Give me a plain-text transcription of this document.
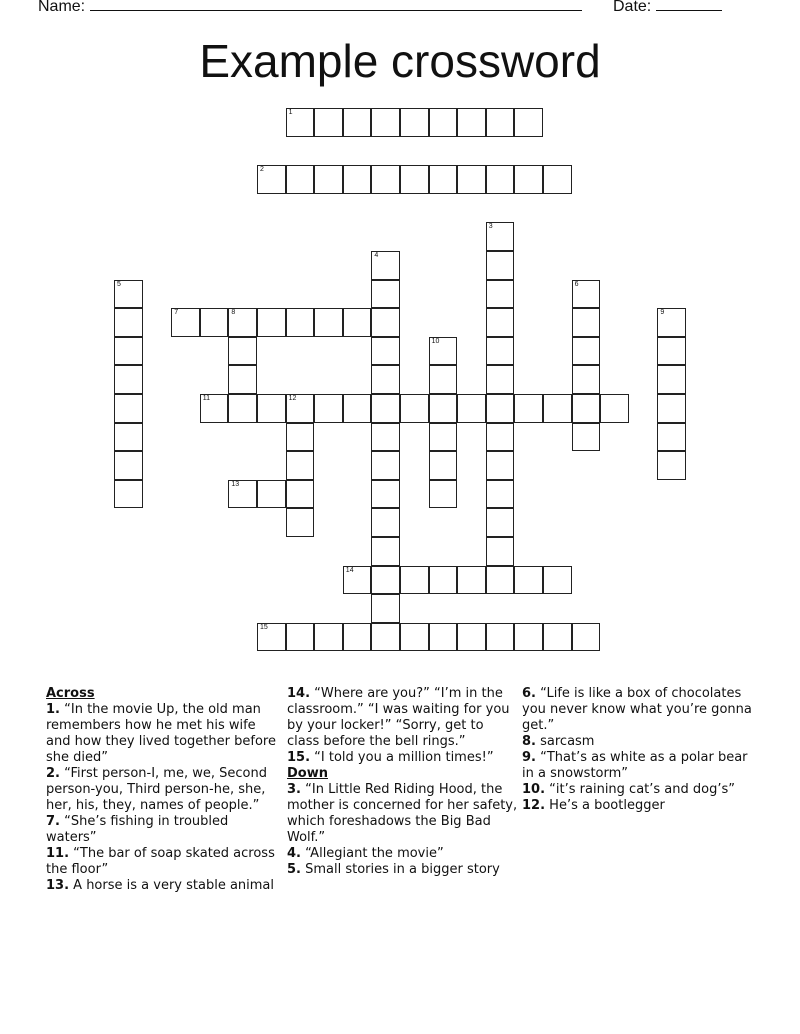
Name:	Date:
Example crossword
1
2
3
4
5	6
7	8	9
10
11	12
13
14
15
Across

1. “In the movie Up, the old man remembers how he met his wife and how they lived together before she died”

2. “First person-I, me, we, Second person-you, Third person-he, she, her, his, they, names of people.”

7. “She’s fishing in troubled waters”

11. “The bar of soap skated across the floor”

13. A horse is a very stable animal

14. “Where are you?” “I’m in the classroom.” “I was waiting for you by your locker!” “Sorry, get to class before the bell rings.”

15. “I told you a million times!”

Down

3. “In Little Red Riding Hood, the mother is concerned for her safety, which foreshadows the Big Bad Wolf.”

4. “Allegiant the movie”

5. Small stories in a bigger story

6. “Life is like a box of chocolates you never know what you’re gonna get.”

8. sarcasm

9. “That’s as white as a polar bear in a snowstorm”

10. “it’s raining cat’s and dog’s”

12. He’s a bootlegger
